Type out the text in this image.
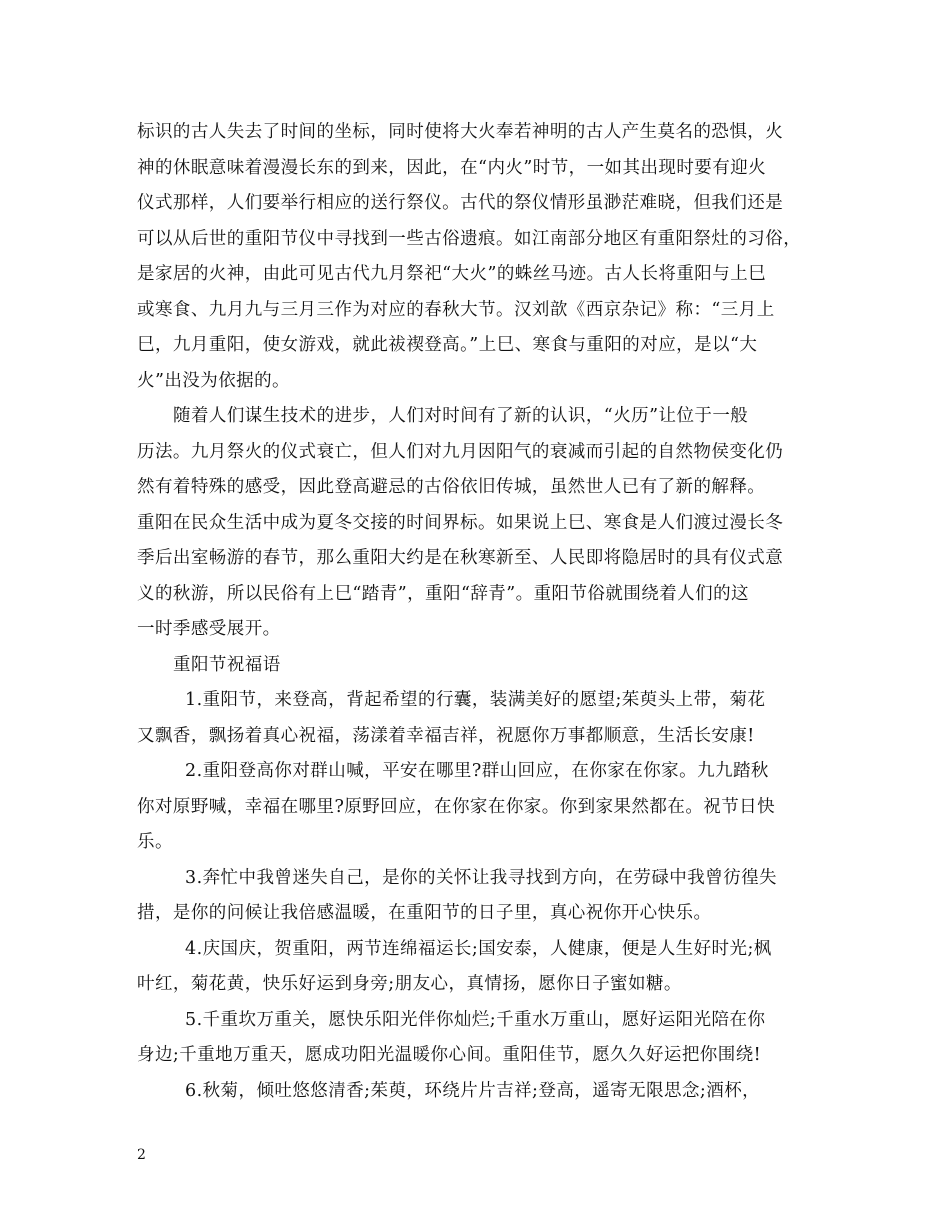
标识的古人失去了时间的坐标，同时使将大火奉若神明的古人产生莫名的恐惧，火
神的休眠意味着漫漫长东的到来，因此，在“内火”时节，一如其出现时要有迎火
仪式那样，人们要举行相应的送行祭仪。古代的祭仪情形虽渺茫难晓，但我们还是
可以从后世的重阳节仪中寻找到一些古俗遗痕。如江南部分地区有重阳祭灶的习俗，
是家居的火神，由此可见古代九月祭祀“大火”的蛛丝马迹。古人长将重阳与上巳
或寒食、九月九与三月三作为对应的春秋大节。汉刘歆《西京杂记》称：“三月上
巳，九月重阳，使女游戏，就此祓禊登高。”上巳、寒食与重阳的对应，是以“大
火”出没为依据的。
随着人们谋生技术的进步，人们对时间有了新的认识，“火历”让位于一般
历法。九月祭火的仪式衰亡，但人们对九月因阳气的衰减而引起的自然物侯变化仍
然有着特殊的感受，因此登高避忌的古俗依旧传城，虽然世人已有了新的解释。
重阳在民众生活中成为夏冬交接的时间界标。如果说上巳、寒食是人们渡过漫长冬
季后出室畅游的春节，那么重阳大约是在秋寒新至、人民即将隐居时的具有仪式意
义的秋游，所以民俗有上巳“踏青”，重阳“辞青”。重阳节俗就围绕着人们的这
一时季感受展开。
重阳节祝福语
1.重阳节，来登高，背起希望的行囊，装满美好的愿望;茱萸头上带，菊花
又飘香，飘扬着真心祝福，荡漾着幸福吉祥，祝愿你万事都顺意，生活长安康!
2.重阳登高你对群山喊，平安在哪里?群山回应，在你家在你家。九九踏秋
你对原野喊，幸福在哪里?原野回应，在你家在你家。你到家果然都在。祝节日快
乐。
3.奔忙中我曾迷失自己，是你的关怀让我寻找到方向，在劳碌中我曾彷徨失
措，是你的问候让我倍感温暖，在重阳节的日子里，真心祝你开心快乐。
4.庆国庆，贺重阳，两节连绵福运长;国安泰，人健康，便是人生好时光;枫
叶红，菊花黄，快乐好运到身旁;朋友心，真情扬，愿你日子蜜如糖。
5.千重坎万重关，愿快乐阳光伴你灿烂;千重水万重山，愿好运阳光陪在你
身边;千重地万重天，愿成功阳光温暖你心间。重阳佳节，愿久久好运把你围绕!
6.秋菊，倾吐悠悠清香;茱萸，环绕片片吉祥;登高，遥寄无限思念;酒杯，
2
